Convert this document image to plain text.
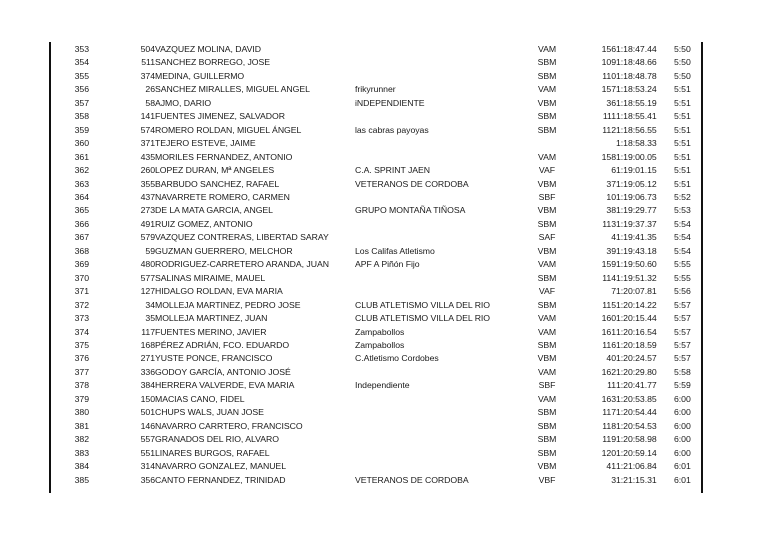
353	504	VAZQUEZ MOLINA, DAVID		VAM	156	1:18:47.44	5:50
354	511	SANCHEZ BORREGO, JOSE		SBM	109	1:18:48.66	5:50
355	374	MEDINA, GUILLERMO		SBM	110	1:18:48.78	5:50
356	26	SANCHEZ MIRALLES, MIGUEL ANGEL	frikyrunner	VAM	157	1:18:53.24	5:51
357	58	AJMO, DARIO	iNDEPENDIENTE	VBM	36	1:18:55.19	5:51
358	141	FUENTES JIMENEZ, SALVADOR		SBM	111	1:18:55.41	5:51
359	574	ROMERO ROLDAN, MIGUEL ÁNGEL	las cabras payoyas	SBM	112	1:18:56.55	5:51
360	371	TEJERO ESTEVE, JAIME				1:18:58.33	5:51
361	435	MORILES FERNANDEZ, ANTONIO		VAM	158	1:19:00.05	5:51
362	260	LOPEZ DURAN, Mª ANGELES	C.A. SPRINT JAEN	VAF	6	1:19:01.15	5:51
363	355	BARBUDO SANCHEZ, RAFAEL	VETERANOS DE CORDOBA	VBM	37	1:19:05.12	5:51
364	437	NAVARRETE ROMERO, CARMEN		SBF	10	1:19:06.73	5:52
365	273	DE LA MATA GARCIA, ANGEL	GRUPO MONTAÑA TIÑOSA	VBM	38	1:19:29.77	5:53
366	491	RUIZ GOMEZ, ANTONIO		SBM	113	1:19:37.37	5:54
367	579	VAZQUEZ CONTRERAS, LIBERTAD SARAY		SAF	4	1:19:41.35	5:54
368	59	GUZMAN GUERRERO, MELCHOR	Los Califas Atletismo	VBM	39	1:19:43.18	5:54
369	480	RODRIGUEZ-CARRETERO ARANDA, JUAN	APF A Piñón Fijo	VAM	159	1:19:50.60	5:55
370	577	SALINAS MIRAIME, MAUEL		SBM	114	1:19:51.32	5:55
371	127	HIDALGO ROLDAN, EVA MARIA		VAF	7	1:20:07.81	5:56
372	34	MOLLEJA MARTINEZ, PEDRO JOSE	CLUB ATLETISMO VILLA DEL RIO	SBM	115	1:20:14.22	5:57
373	35	MOLLEJA MARTINEZ, JUAN	CLUB ATLETISMO VILLA DEL RIO	VAM	160	1:20:15.44	5:57
374	117	FUENTES MERINO, JAVIER	Zampabollos	VAM	161	1:20:16.54	5:57
375	168	PÉREZ ADRIÁN, FCO. EDUARDO	Zampabollos	SBM	116	1:20:18.59	5:57
376	271	YUSTE PONCE, FRANCISCO	C.Atletismo Cordobes	VBM	40	1:20:24.57	5:57
377	336	GODOY GARCÍA, ANTONIO JOSÉ		VAM	162	1:20:29.80	5:58
378	384	HERRERA VALVERDE, EVA MARIA	Independiente	SBF	11	1:20:41.77	5:59
379	150	MACIAS CANO, FIDEL		VAM	163	1:20:53.85	6:00
380	501	CHUPS WALS, JUAN JOSE		SBM	117	1:20:54.44	6:00
381	146	NAVARRO CARRTERO, FRANCISCO		SBM	118	1:20:54.53	6:00
382	557	GRANADOS DEL RIO, ALVARO		SBM	119	1:20:58.98	6:00
383	551	LINARES BURGOS, RAFAEL		SBM	120	1:20:59.14	6:00
384	314	NAVARRO GONZALEZ, MANUEL		VBM	41	1:21:06.84	6:01
385	356	CANTO FERNANDEZ, TRINIDAD	VETERANOS DE CORDOBA	VBF	3	1:21:15.31	6:01
